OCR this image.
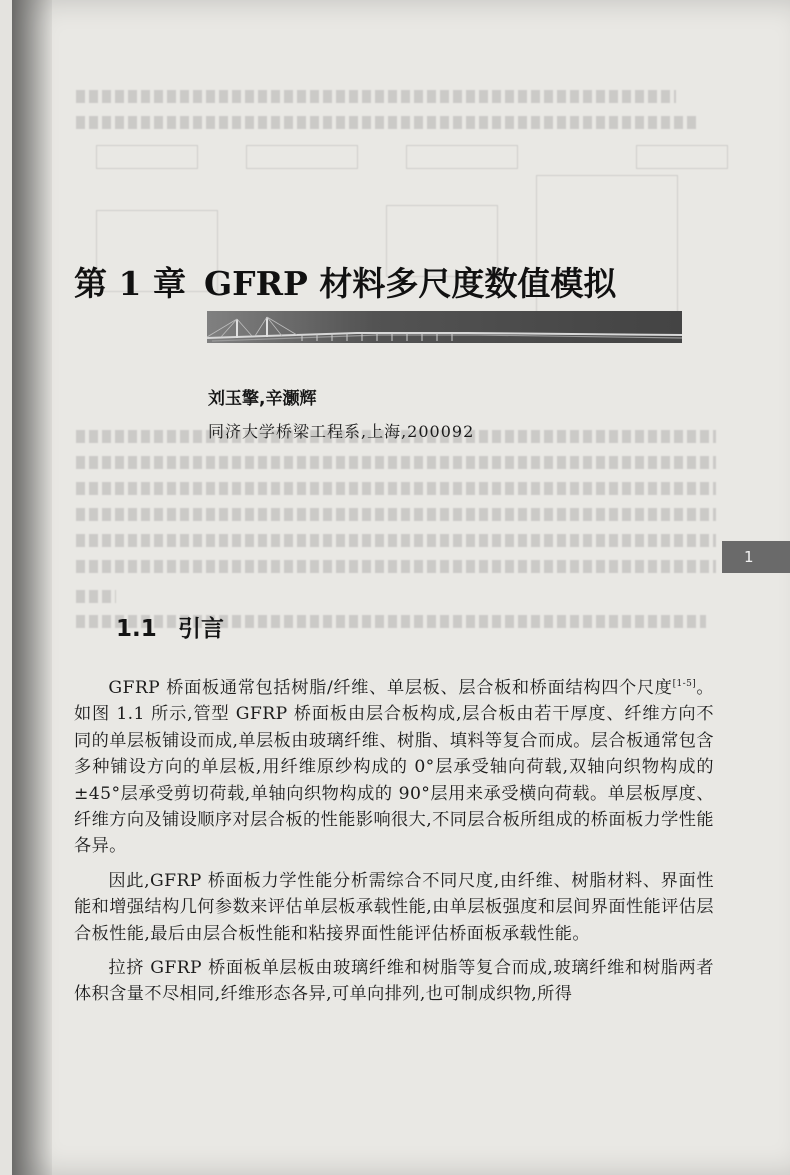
第 1 章 GFRP 材料多尺度数值模拟
刘玉擎,辛灏辉
同济大学桥梁工程系,上海,200092
1
1.1 引言

GFRP 桥面板通常包括树脂/纤维、单层板、层合板和桥面结构四个尺度[1-5]。如图 1.1 所示,管型 GFRP 桥面板由层合板构成,层合板由若干厚度、纤维方向不同的单层板铺设而成,单层板由玻璃纤维、树脂、填料等复合而成。层合板通常包含多种铺设方向的单层板,用纤维原纱构成的 0°层承受轴向荷载,双轴向织物构成的 ±45°层承受剪切荷载,单轴向织物构成的 90°层用来承受横向荷载。单层板厚度、纤维方向及铺设顺序对层合板的性能影响很大,不同层合板所组成的桥面板力学性能各异。

因此,GFRP 桥面板力学性能分析需综合不同尺度,由纤维、树脂材料、界面性能和增强结构几何参数来评估单层板承载性能,由单层板强度和层间界面性能评估层合板性能,最后由层合板性能和粘接界面性能评估桥面板承载性能。

拉挤 GFRP 桥面板单层板由玻璃纤维和树脂等复合而成,玻璃纤维和树脂两者体积含量不尽相同,纤维形态各异,可单向排列,也可制成织物,所得
